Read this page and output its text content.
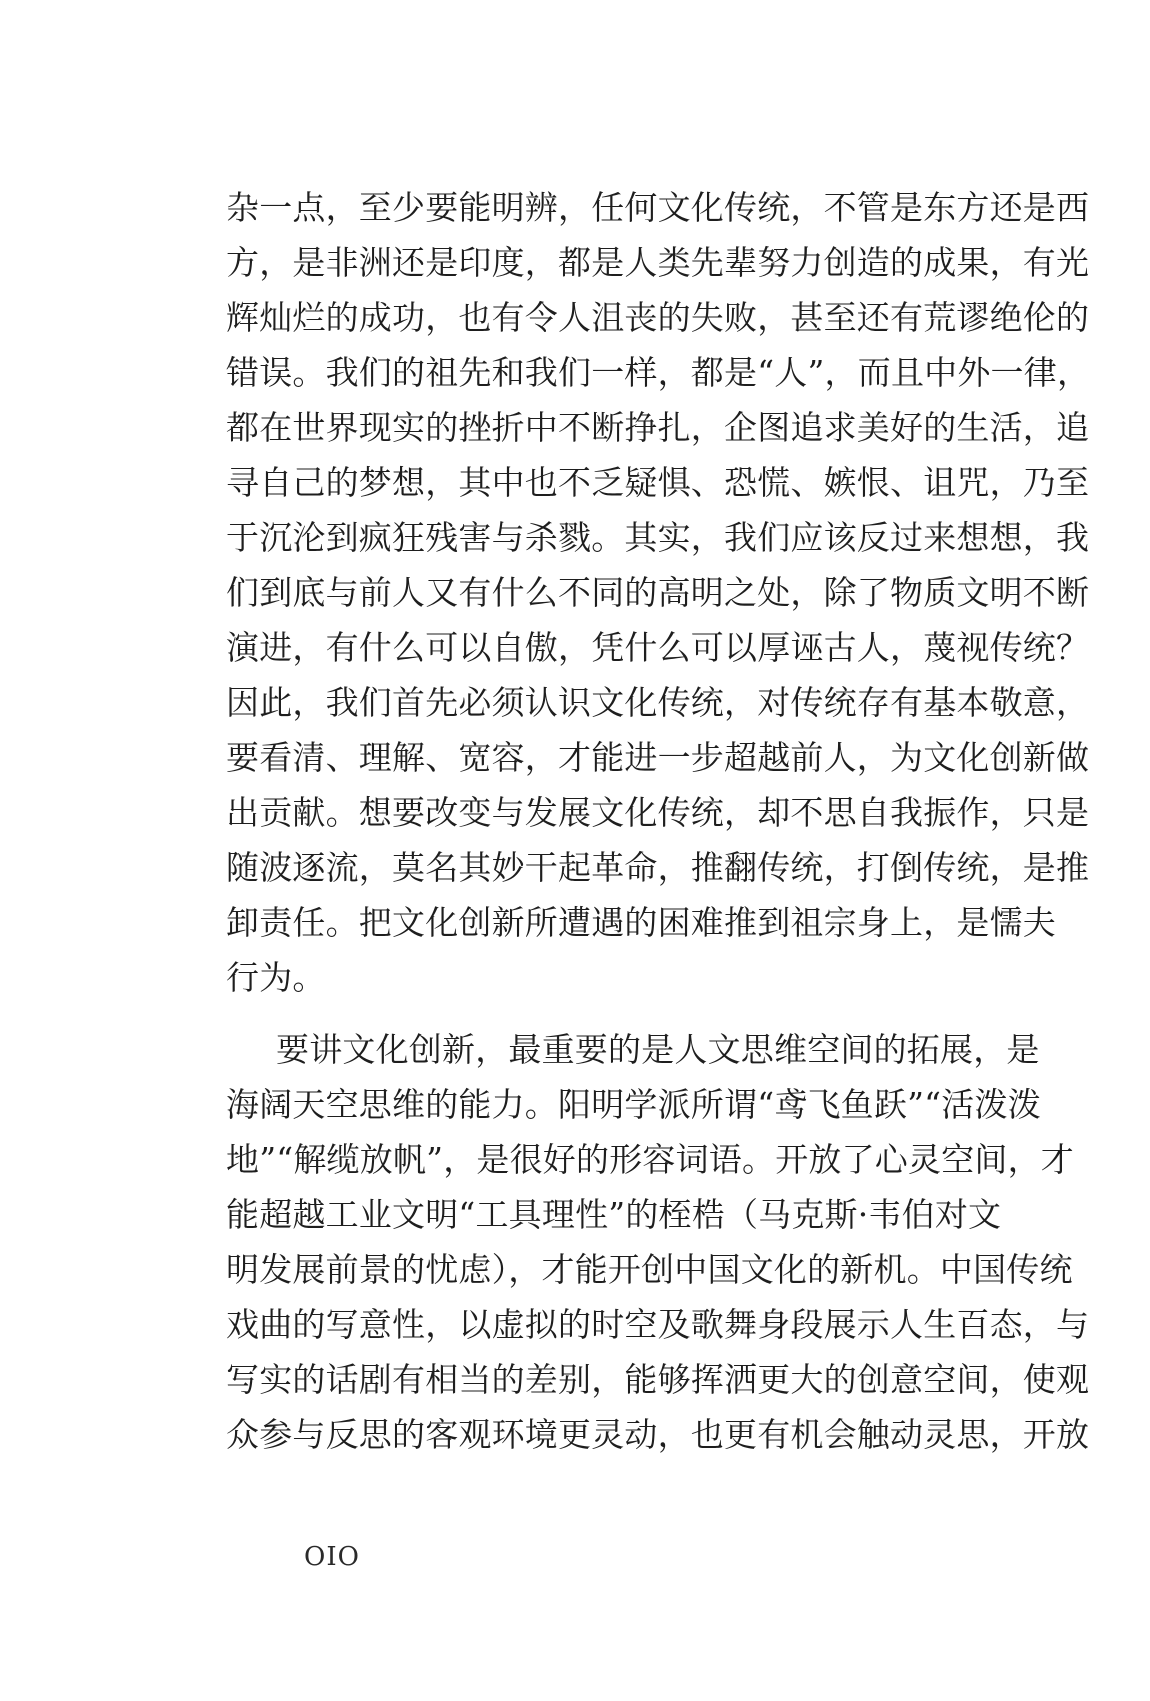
杂一点，至少要能明辨，任何文化传统，不管是东方还是西
方，是非洲还是印度，都是人类先辈努力创造的成果，有光
辉灿烂的成功，也有令人沮丧的失败，甚至还有荒谬绝伦的
错误。我们的祖先和我们一样，都是“人”，而且中外一律，
都在世界现实的挫折中不断挣扎，企图追求美好的生活，追
寻自己的梦想，其中也不乏疑惧、恐慌、嫉恨、诅咒，乃至
于沉沦到疯狂残害与杀戮。其实，我们应该反过来想想，我
们到底与前人又有什么不同的高明之处，除了物质文明不断
演进，有什么可以自傲，凭什么可以厚诬古人，蔑视传统？
因此，我们首先必须认识文化传统，对传统存有基本敬意，
要看清、理解、宽容，才能进一步超越前人，为文化创新做
出贡献。想要改变与发展文化传统，却不思自我振作，只是
随波逐流，莫名其妙干起革命，推翻传统，打倒传统，是推
卸责任。把文化创新所遭遇的困难推到祖宗身上，是懦夫
行为。
要讲文化创新，最重要的是人文思维空间的拓展，是
海阔天空思维的能力。阳明学派所谓“鸢飞鱼跃”“活泼泼
地”“解缆放帆”，是很好的形容词语。开放了心灵空间，才
能超越工业文明“工具理性”的桎梏（马克斯·韦伯对文
明发展前景的忧虑），才能开创中国文化的新机。中国传统
戏曲的写意性，以虚拟的时空及歌舞身段展示人生百态，与
写实的话剧有相当的差别，能够挥洒更大的创意空间，使观
众参与反思的客观环境更灵动，也更有机会触动灵思，开放
OIO
